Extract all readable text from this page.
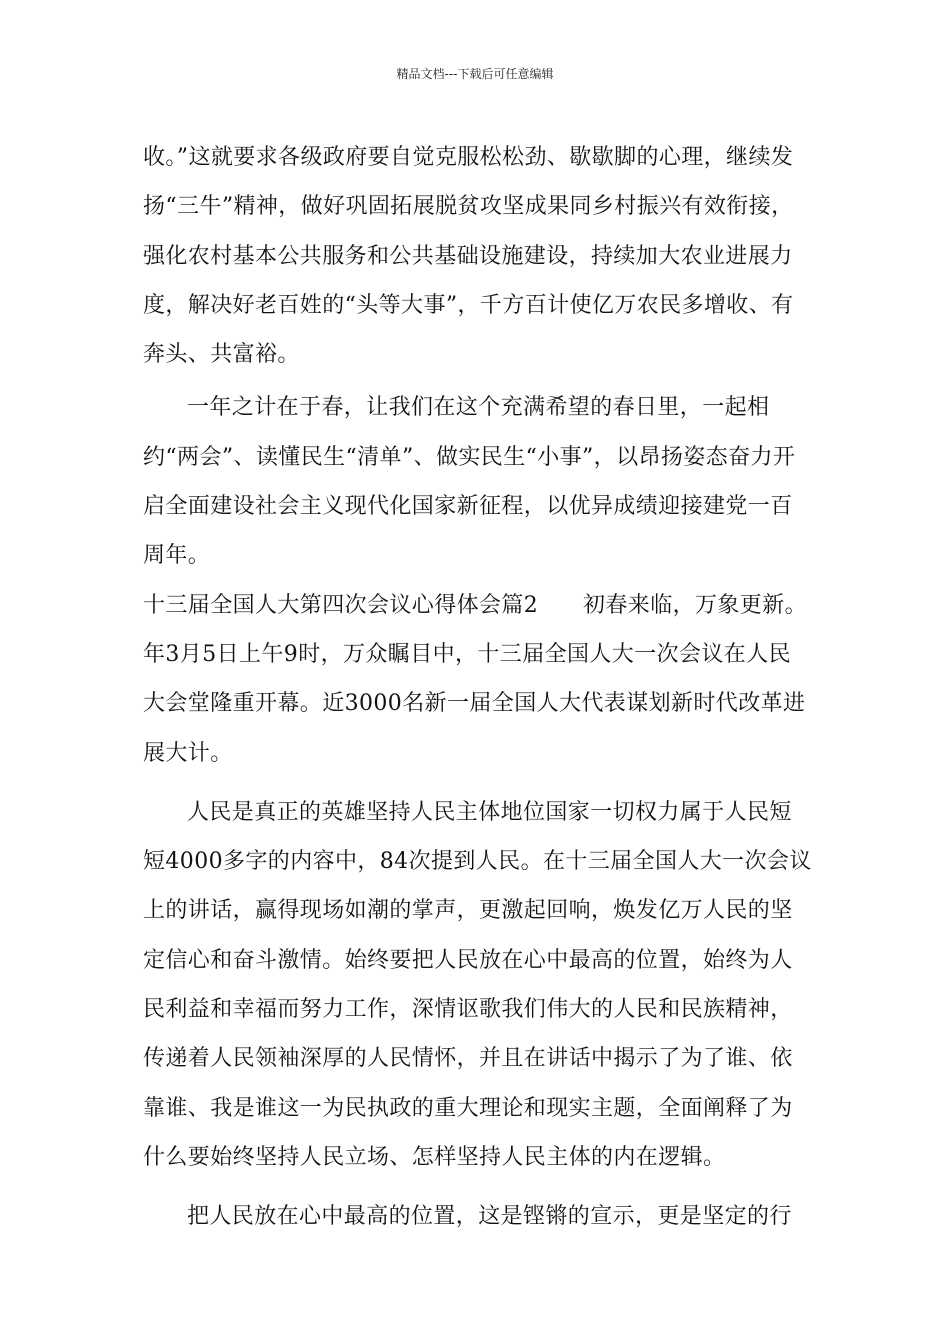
精品文档---下载后可任意编辑

收。”这就要求各级政府要自觉克服松松劲、歇歇脚的心理，继续发扬“三牛”精神，做好巩固拓展脱贫攻坚成果同乡村振兴有效衔接，强化农村基本公共服务和公共基础设施建设，持续加大农业进展力度，解决好老百姓的“头等大事”，千方百计使亿万农民多增收、有奔头、共富裕。

一年之计在于春，让我们在这个充满希望的春日里，一起相约“两会”、读懂民生“清单”、做实民生“小事”，以昂扬姿态奋力开启全面建设社会主义现代化国家新征程，以优异成绩迎接建党一百周年。

十三届全国人大第四次会议心得体会篇2　　初春来临，万象更新。年3月5日上午9时，万众瞩目中，十三届全国人大一次会议在人民大会堂隆重开幕。近3000名新一届全国人大代表谋划新时代改革进展大计。

人民是真正的英雄坚持人民主体地位国家一切权力属于人民短短4000多字的内容中，84次提到人民。在十三届全国人大一次会议上的讲话，赢得现场如潮的掌声，更激起回响，焕发亿万人民的坚定信心和奋斗激情。始终要把人民放在心中最高的位置，始终为人民利益和幸福而努力工作，深情讴歌我们伟大的人民和民族精神，传递着人民领袖深厚的人民情怀，并且在讲话中揭示了为了谁、依靠谁、我是谁这一为民执政的重大理论和现实主题，全面阐释了为什么要始终坚持人民立场、怎样坚持人民主体的内在逻辑。

把人民放在心中最高的位置，这是铿锵的宣示，更是坚定的行
